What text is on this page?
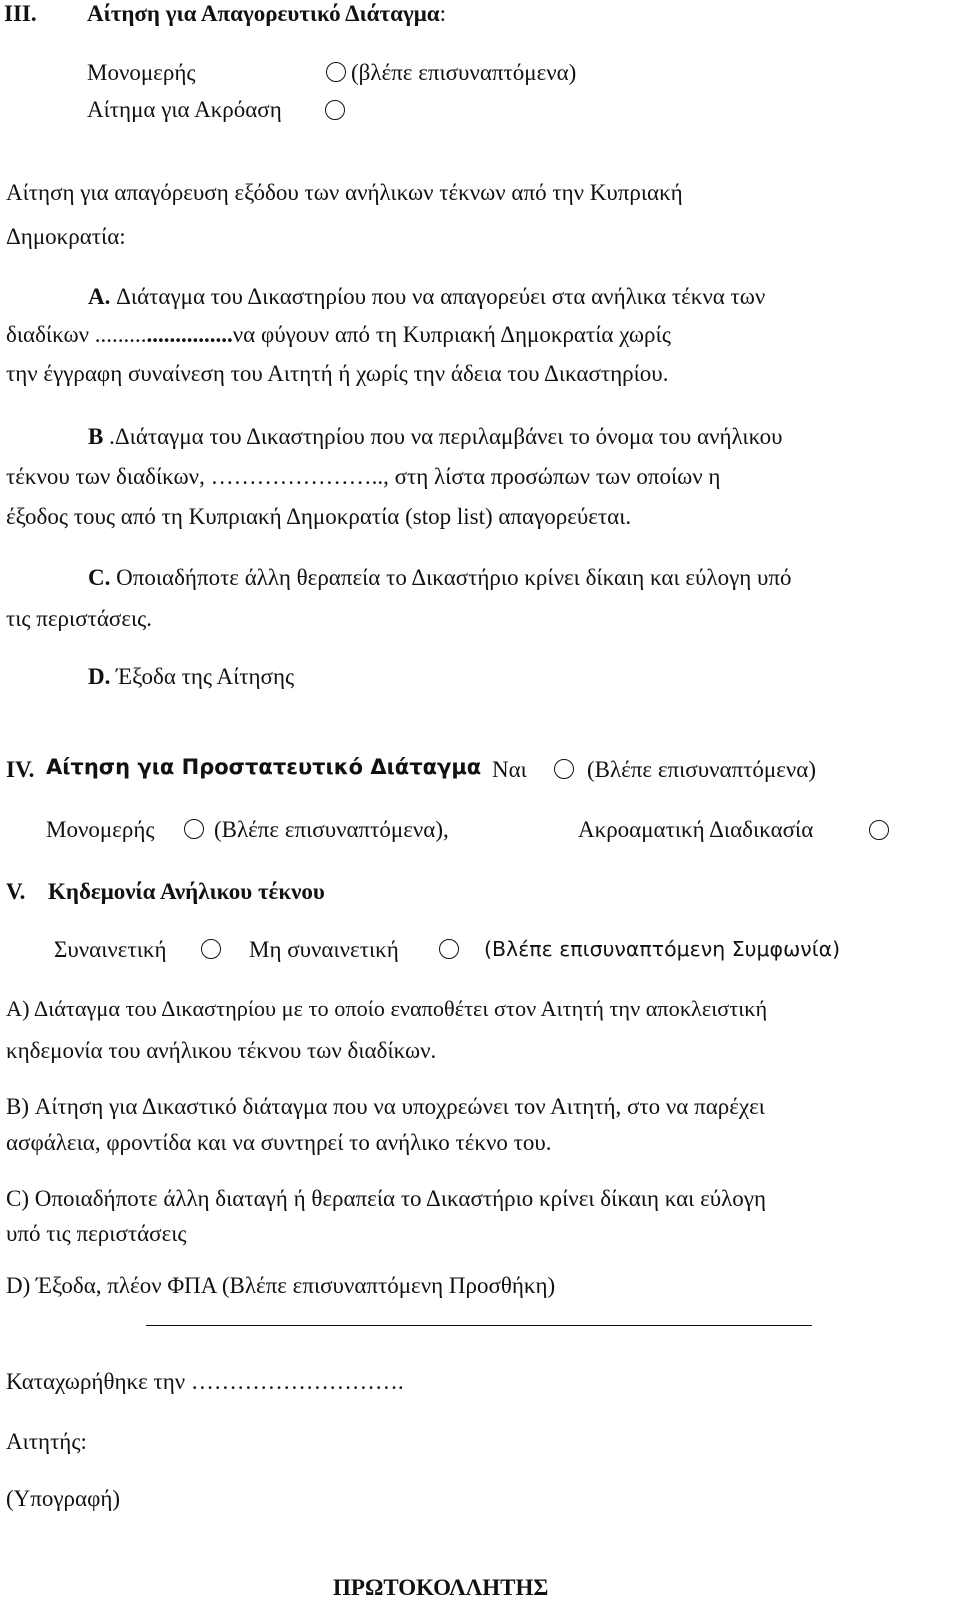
III. Αίτηση για Απαγορευτικό Διάταγμα:
Μονομερής	(βλέπε επισυναπτόμενα)
Αίτημα για Ακρόαση
Αίτηση για απαγόρευση εξόδου των ανήλικων τέκνων από την Κυπριακή
Δημοκρατία:
A. Διάταγμα του Δικαστηρίου που να απαγορεύει στα ανήλικα τέκνα των
διαδίκων ........................να φύγουν από τη Κυπριακή Δημοκρατία χωρίς
την έγγραφη συναίνεση του Αιτητή ή χωρίς την άδεια του Δικαστηρίου.
B .Διάταγμα του Δικαστηρίου που να περιλαμβάνει το όνομα του ανήλικου
τέκνου των διαδίκων, ………………….., στη λίστα προσώπων των οποίων η
έξοδος τους από τη Κυπριακή Δημοκρατία (stop list) απαγορεύεται.
C. Οποιαδήποτε άλλη θεραπεία το Δικαστήριο κρίνει δίκαιη και εύλογη υπό
τις περιστάσεις.
D. Έξοδα της Αίτησης
IV. Αίτηση για Προστατευτικό Διάταγμα Ναι	(Βλέπε επισυναπτόμενα)
Μονομερής	(Βλέπε επισυναπτόμενα),	Ακροαματική Διαδικασία
V. Κηδεμονία Ανήλικου τέκνου
Συναινετική	Μη συναινετική	(Βλέπε επισυναπτόμενη Συμφωνία)
Α) Διάταγμα του Δικαστηρίου με το οποίο εναποθέτει στον Αιτητή την αποκλειστική
κηδεμονία του ανήλικου τέκνου των διαδίκων.
B) Αίτηση για Δικαστικό διάταγμα που να υποχρεώνει τον Αιτητή, στο να παρέχει
ασφάλεια, φροντίδα και να συντηρεί το ανήλικο τέκνο του.
C) Οποιαδήποτε άλλη διαταγή ή θεραπεία το Δικαστήριο κρίνει δίκαιη και εύλογη
υπό τις περιστάσεις
D) Έξοδα, πλέον ΦΠΑ (Βλέπε επισυναπτόμενη Προσθήκη)
Καταχωρήθηκε την ……………………….
Αιτητής:
(Υπογραφή)
ΠΡΩΤΟΚΟΛΛΗΤΗΣ
